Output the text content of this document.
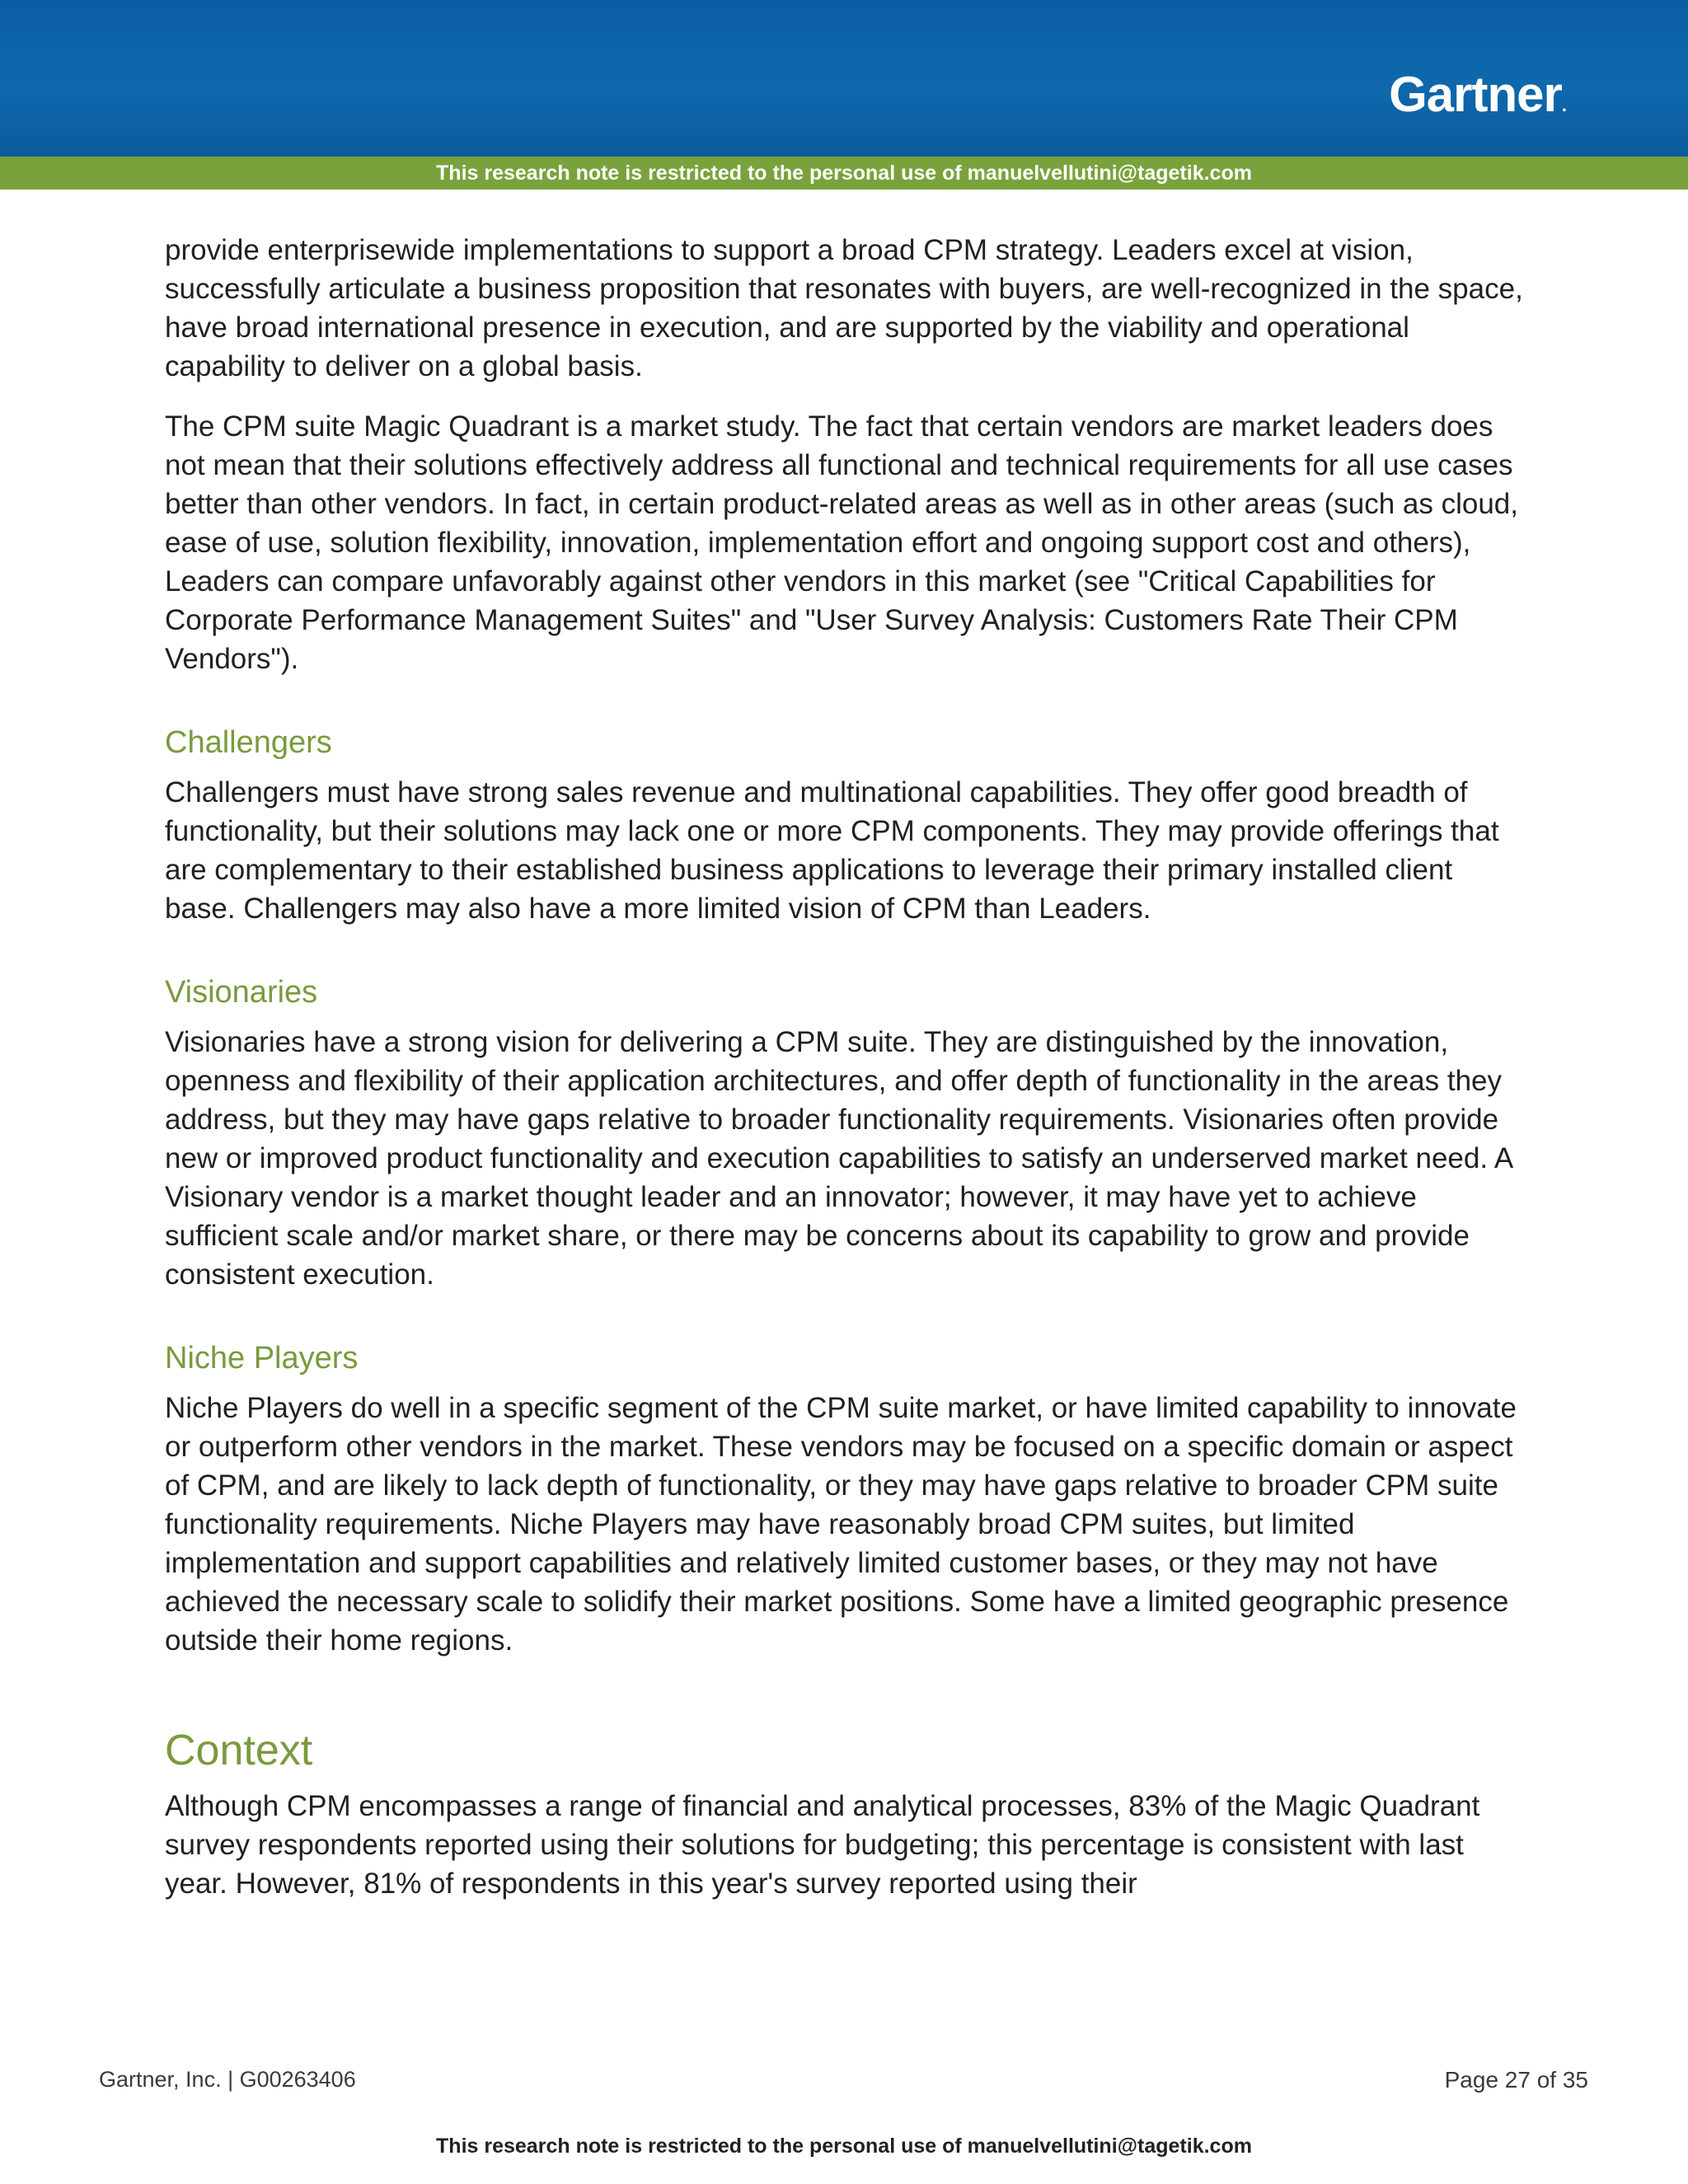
Gartner.
This research note is restricted to the personal use of manuelvellutini@tagetik.com

provide enterprisewide implementations to support a broad CPM strategy. Leaders excel at vision, successfully articulate a business proposition that resonates with buyers, are well-recognized in the space, have broad international presence in execution, and are supported by the viability and operational capability to deliver on a global basis.

The CPM suite Magic Quadrant is a market study. The fact that certain vendors are market leaders does not mean that their solutions effectively address all functional and technical requirements for all use cases better than other vendors. In fact, in certain product-related areas as well as in other areas (such as cloud, ease of use, solution flexibility, innovation, implementation effort and ongoing support cost and others), Leaders can compare unfavorably against other vendors in this market (see "Critical Capabilities for Corporate Performance Management Suites" and "User Survey Analysis: Customers Rate Their CPM Vendors").

Challengers

Challengers must have strong sales revenue and multinational capabilities. They offer good breadth of functionality, but their solutions may lack one or more CPM components. They may provide offerings that are complementary to their established business applications to leverage their primary installed client base. Challengers may also have a more limited vision of CPM than Leaders.

Visionaries

Visionaries have a strong vision for delivering a CPM suite. They are distinguished by the innovation, openness and flexibility of their application architectures, and offer depth of functionality in the areas they address, but they may have gaps relative to broader functionality requirements. Visionaries often provide new or improved product functionality and execution capabilities to satisfy an underserved market need. A Visionary vendor is a market thought leader and an innovator; however, it may have yet to achieve sufficient scale and/or market share, or there may be concerns about its capability to grow and provide consistent execution.

Niche Players

Niche Players do well in a specific segment of the CPM suite market, or have limited capability to innovate or outperform other vendors in the market. These vendors may be focused on a specific domain or aspect of CPM, and are likely to lack depth of functionality, or they may have gaps relative to broader CPM suite functionality requirements. Niche Players may have reasonably broad CPM suites, but limited implementation and support capabilities and relatively limited customer bases, or they may not have achieved the necessary scale to solidify their market positions. Some have a limited geographic presence outside their home regions.

Context

Although CPM encompasses a range of financial and analytical processes, 83% of the Magic Quadrant survey respondents reported using their solutions for budgeting; this percentage is consistent with last year. However, 81% of respondents in this year's survey reported using their

Gartner, Inc. | G00263406	Page 27 of 35
This research note is restricted to the personal use of manuelvellutini@tagetik.com
